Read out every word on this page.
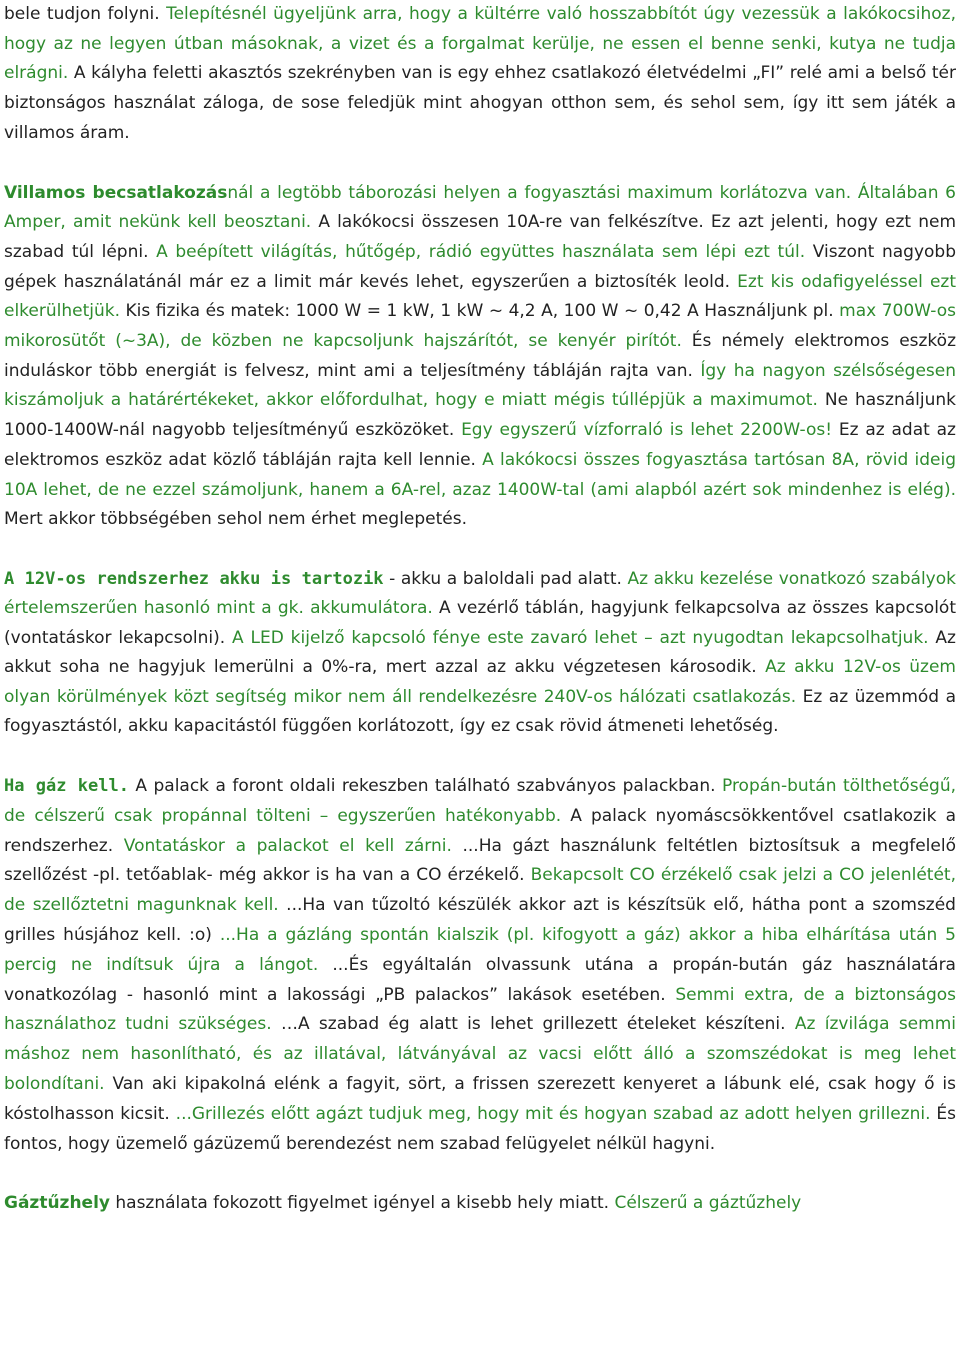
bele tudjon folyni. Telepítésnél ügyeljünk arra, hogy a kültérre való hosszabbítót úgy vezessük a lakókocsihoz, hogy az ne legyen útban másoknak, a vizet és a forgalmat kerülje, ne essen el benne senki, kutya ne tudja elrágni. A kályha feletti akasztós szekrényben van is egy ehhez csatlakozó életvédelmi „FI” relé ami a belső tér biztonságos használat záloga, de sose feledjük mint ahogyan otthon sem, és sehol sem, így itt sem játék a villamos áram.

Villamos becsatlakozásnál a legtöbb táborozási helyen a fogyasztási maximum korlátozva van. Általában 6 Amper, amit nekünk kell beosztani. A lakókocsi összesen 10A-re van felkészítve. Ez azt jelenti, hogy ezt nem szabad túl lépni. A beépített világítás, hűtőgép, rádió együttes használata sem lépi ezt túl. Viszont nagyobb gépek használatánál már ez a limit már kevés lehet, egyszerűen a biztosíték leold. Ezt kis odafigyeléssel ezt elkerülhetjük. Kis fizika és matek: 1000 W = 1 kW, 1 kW ~ 4,2 A, 100 W ~ 0,42 A Használjunk pl. max 700W-os mikorosütőt (~3A), de közben ne kapcsoljunk hajszárítót, se kenyér pirítót. És némely elektromos eszköz induláskor több energiát is felvesz, mint ami a teljesítmény tábláján rajta van. Így ha nagyon szélsőségesen kiszámoljuk a határértékeket, akkor előfordulhat, hogy e miatt mégis túllépjük a maximumot. Ne használjunk 1000-1400W-nál nagyobb teljesítményű eszközöket. Egy egyszerű vízforraló is lehet 2200W-os! Ez az adat az elektromos eszköz adat közlő tábláján rajta kell lennie. A lakókocsi összes fogyasztása tartósan 8A, rövid ideig 10A lehet, de ne ezzel számoljunk, hanem a 6A-rel, azaz 1400W-tal (ami alapból azért sok mindenhez is elég). Mert akkor többségében sehol nem érhet meglepetés.

A 12V-os rendszerhez akku is tartozik - akku a baloldali pad alatt. Az akku kezelése vonatkozó szabályok értelemszerűen hasonló mint a gk. akkumulátora. A vezérlő táblán, hagyjunk felkapcsolva az összes kapcsolót (vontatáskor lekapcsolni). A LED kijelző kapcsoló fénye este zavaró lehet – azt nyugodtan lekapcsolhatjuk. Az akkut soha ne hagyjuk lemerülni a 0%-ra, mert azzal az akku végzetesen károsodik. Az akku 12V-os üzem olyan körülmények közt segítség mikor nem áll rendelkezésre 240V-os hálózati csatlakozás. Ez az üzemmód a fogyasztástól, akku kapacitástól függően korlátozott, így ez csak rövid átmeneti lehetőség.

Ha gáz kell. A palack a foront oldali rekeszben található szabványos palackban. Propán-bután tölthetőségű, de célszerű csak propánnal tölteni – egyszerűen hatékonyabb. A palack nyomáscsökkentővel csatlakozik a rendszerhez. Vontatáskor a palackot el kell zárni. ...Ha gázt használunk feltétlen biztosítsuk a megfelelő szellőzést -pl. tetőablak- még akkor is ha van a CO érzékelő. Bekapcsolt CO érzékelő csak jelzi a CO jelenlétét, de szellőztetni magunknak kell. ...Ha van tűzoltó készülék akkor azt is készítsük elő, hátha pont a szomszéd grilles húsjához kell. :o) ...Ha a gázláng spontán kialszik (pl. kifogyott a gáz) akkor a hiba elhárítása után 5 percig ne indítsuk újra a lángot. ...És egyáltalán olvassunk utána a propán-bután gáz használatára vonatkozólag - hasonló mint a lakossági „PB palackos” lakások esetében. Semmi extra, de a biztonságos használathoz tudni szükséges. …A szabad ég alatt is lehet grillezett ételeket készíteni. Az ízvilága semmi máshoz nem hasonlítható, és az illatával, látványával az vacsi előtt álló a szomszédokat is meg lehet bolondítani. Van aki kipakolná elénk a fagyit, sört, a frissen szerezett kenyeret a lábunk elé, csak hogy ő is kóstolhasson kicsit. ...Grillezés előtt agázt tudjuk meg, hogy mit és hogyan szabad az adott helyen grillezni. És fontos, hogy üzemelő gázüzemű berendezést nem szabad felügyelet nélkül hagyni.

Gáztűzhely használata fokozott figyelmet igényel a kisebb hely miatt. Célszerű a gáztűzhely
